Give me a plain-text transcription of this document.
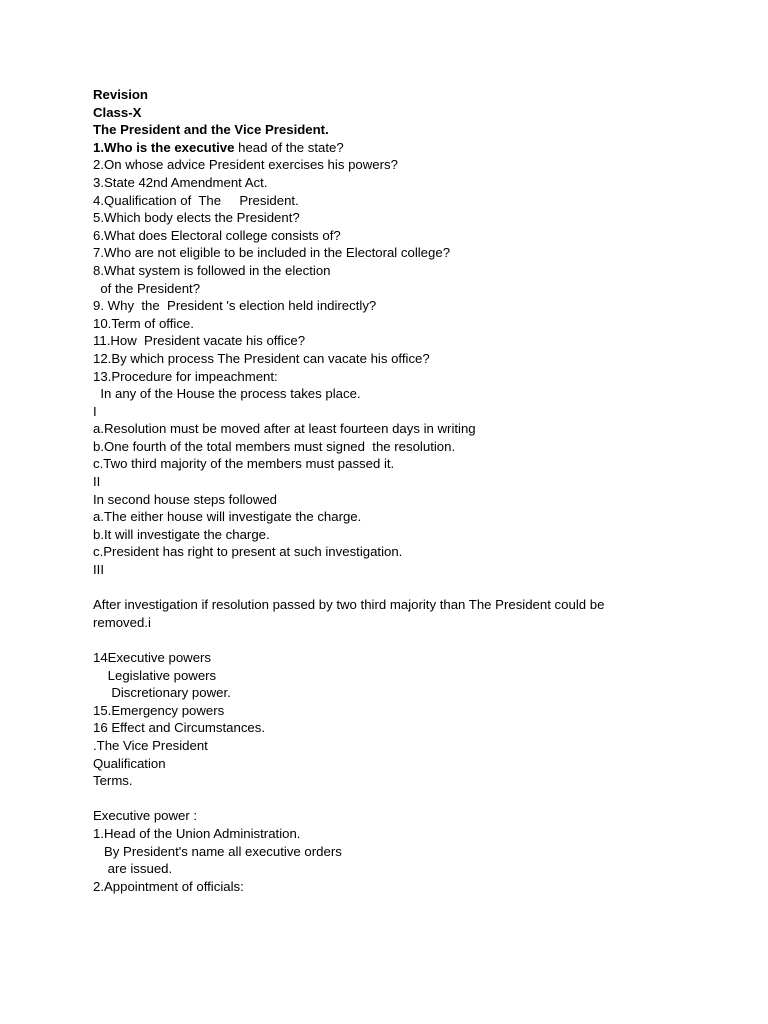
Revision
Class-X
The President and the Vice President.
1.Who is the executive head of the state?
2.On whose advice President exercises his powers?
3.State 42nd Amendment Act.
4.Qualification of  The     President.
5.Which body elects the President?
6.What does Electoral college consists of?
7.Who are not eligible to be included in the Electoral college?
8.What system is followed in the election
of the President?
9. Why  the  President 's election held indirectly?
10.Term of office.
11.How  President vacate his office?
12.By which process The President can vacate his office?
13.Procedure for impeachment:
In any of the House the process takes place.
I
a.Resolution must be moved after at least fourteen days in writing
b.One fourth of the total members must signed  the resolution.
c.Two third majority of the members must passed it.
II
In second house steps followed
a.The either house will investigate the charge.
b.It will investigate the charge.
c.President has right to present at such investigation.
III
After investigation if resolution passed by two third majority than The President could be
removed.i
14Executive powers
Legislative powers
Discretionary power.
15.Emergency powers
16 Effect and Circumstances.
.The Vice President
Qualification
Terms.
Executive power :
1.Head of the Union Administration.
By President's name all executive orders
are issued.
2.Appointment of officials:
